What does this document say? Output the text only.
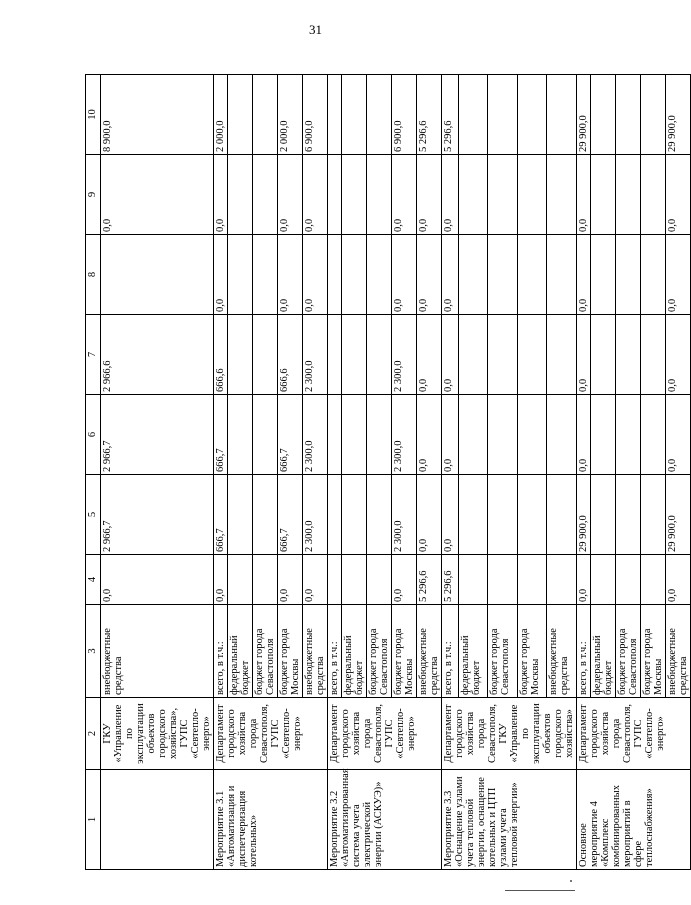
31
1	2	3	4	5	6	7	8	9	10
	ГКУ «Управление по эксплуатации объектов городского хозяйства», ГУПС «Севтепло-энерго»	внебюджетные средства	0,0	2 966,7	2 966,7	2 966,6		0,0	8 900,0
Мероприятие 3.1 «Автоматизация и диспетчеризация котельных»	Департамент городского хозяйства города Севастополя, ГУПС «Севтепло-энерго»	всего, в т.ч.:	0,0	666,7	666,7	666,6	0,0	0,0	2 000,0
		федеральный бюджет							
		бюджет города Севастополя							
		бюджет города Москвы	0,0	666,7	666,7	666,6	0,0	0,0	2 000,0
		внебюджетные средства	0,0	2 300,0	2 300,0	2 300,0	0,0	0,0	6 900,0
Мероприятие 3.2 «Автоматизированная система учета электрической энергии (АСКУЭ)»	Департамент городского хозяйства города Севастополя, ГУПС «Севтепло-энерго»	всего, в т.ч.:							
		федеральный бюджет							
		бюджет города Севастополя							
		бюджет города Москвы	0,0	2 300,0	2 300,0	2 300,0	0,0	0,0	6 900,0
		внебюджетные средства	5 296,6	0,0	0,0	0,0	0,0	0,0	5 296,6
Мероприятие 3.3 «Оснащение узлами учета тепловой энергии, оснащение котельных и ЦТП узлами учета тепловой энергии»	Департамент городского хозяйства города Севастополя, ГКУ «Управление по эксплуатации объектов городского хозяйства»	всего, в т.ч.:	5 296,6	0,0	0,0	0,0	0,0	0,0	5 296,6
		федеральный бюджет							
		бюджет города Севастополя							
		бюджет города Москвы							
		внебюджетные средства							
Основное мероприятие 4 «Комплекс комбинированных мероприятий в сфере теплоснабжения»	Департамент городского хозяйства города Севастополя, ГУПС «Севтепло-энерго»	всего, в т.ч.:	0,0	29 900,0	0,0	0,0	0,0	0,0	29 900,0
		федеральный бюджет							
		бюджет города Севастополя							
		бюджет города Москвы							
		внебюджетные средства	0,0	29 900,0	0,0	0,0	0,0	0,0	29 900,0
